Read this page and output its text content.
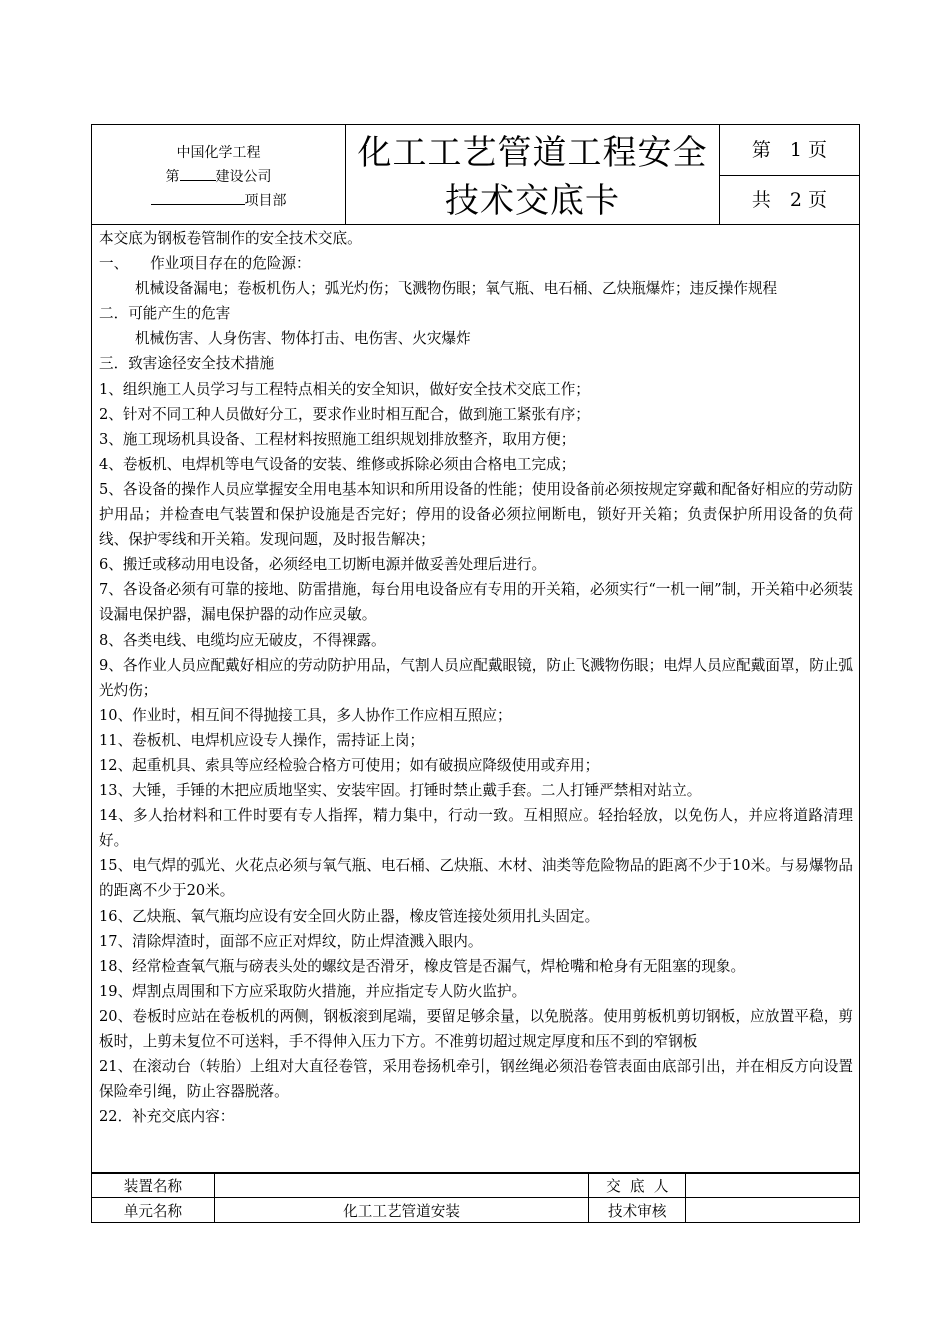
中国化学工程
第	建设公司
项目部
化工工艺管道工程安全
技术交底卡
第　1 页
共　2 页

本交底为钢板卷管制作的安全技术交底。

一、　　作业项目存在的危险源：

机械设备漏电；卷板机伤人；弧光灼伤；飞溅物伤眼；氧气瓶、电石桶、乙炔瓶爆炸；违反操作规程

二．可能产生的危害

机械伤害、人身伤害、物体打击、电伤害、火灾爆炸

三．致害途径安全技术措施

1、组织施工人员学习与工程特点相关的安全知识，做好安全技术交底工作；

2、针对不同工种人员做好分工，要求作业时相互配合，做到施工紧张有序；

3、施工现场机具设备、工程材料按照施工组织规划排放整齐，取用方便；

4、卷板机、电焊机等电气设备的安装、维修或拆除必须由合格电工完成；

5、各设备的操作人员应掌握安全用电基本知识和所用设备的性能；使用设备前必须按规定穿戴和配备好相应的劳动防护用品；并检查电气装置和保护设施是否完好；停用的设备必须拉闸断电，锁好开关箱；负责保护所用设备的负荷线、保护零线和开关箱。发现问题，及时报告解决；

6、搬迁或移动用电设备，必须经电工切断电源并做妥善处理后进行。

7、各设备必须有可靠的接地、防雷措施，每台用电设备应有专用的开关箱，必须实行“一机一闸”制，开关箱中必须装设漏电保护器，漏电保护器的动作应灵敏。

8、各类电线、电缆均应无破皮，不得裸露。

9、各作业人员应配戴好相应的劳动防护用品，气割人员应配戴眼镜，防止飞溅物伤眼；电焊人员应配戴面罩，防止弧光灼伤；

10、作业时，相互间不得抛接工具，多人协作工作应相互照应；

11、卷板机、电焊机应设专人操作，需持证上岗；

12、起重机具、索具等应经检验合格方可使用；如有破损应降级使用或弃用；

13、大锤，手锤的木把应质地坚实、安装牢固。打锤时禁止戴手套。二人打锤严禁相对站立。

14、多人抬材料和工件时要有专人指挥，精力集中，行动一致。互相照应。轻抬轻放，以免伤人，并应将道路清理好。

15、电气焊的弧光、火花点必须与氧气瓶、电石桶、乙炔瓶、木材、油类等危险物品的距离不少于10米。与易爆物品的距离不少于20米。

16、乙炔瓶、氧气瓶均应设有安全回火防止器，橡皮管连接处须用扎头固定。

17、清除焊渣时，面部不应正对焊纹，防止焊渣溅入眼内。

18、经常检查氧气瓶与磅表头处的螺纹是否滑牙，橡皮管是否漏气，焊枪嘴和枪身有无阻塞的现象。

19、焊割点周围和下方应采取防火措施，并应指定专人防火监护。

20、卷板时应站在卷板机的两侧，钢板滚到尾端，要留足够余量，以免脱落。使用剪板机剪切钢板，应放置平稳，剪板时，上剪未复位不可送料，手不得伸入压力下方。不准剪切超过规定厚度和压不到的窄钢板

21、在滚动台（转胎）上组对大直径卷管，采用卷扬机牵引，钢丝绳必须沿卷管表面由底部引出，并在相反方向设置保险牵引绳，防止容器脱落。

22．补充交底内容：

装置名称		交  底  人	
单元名称	化工工艺管道安装	技术审核	
